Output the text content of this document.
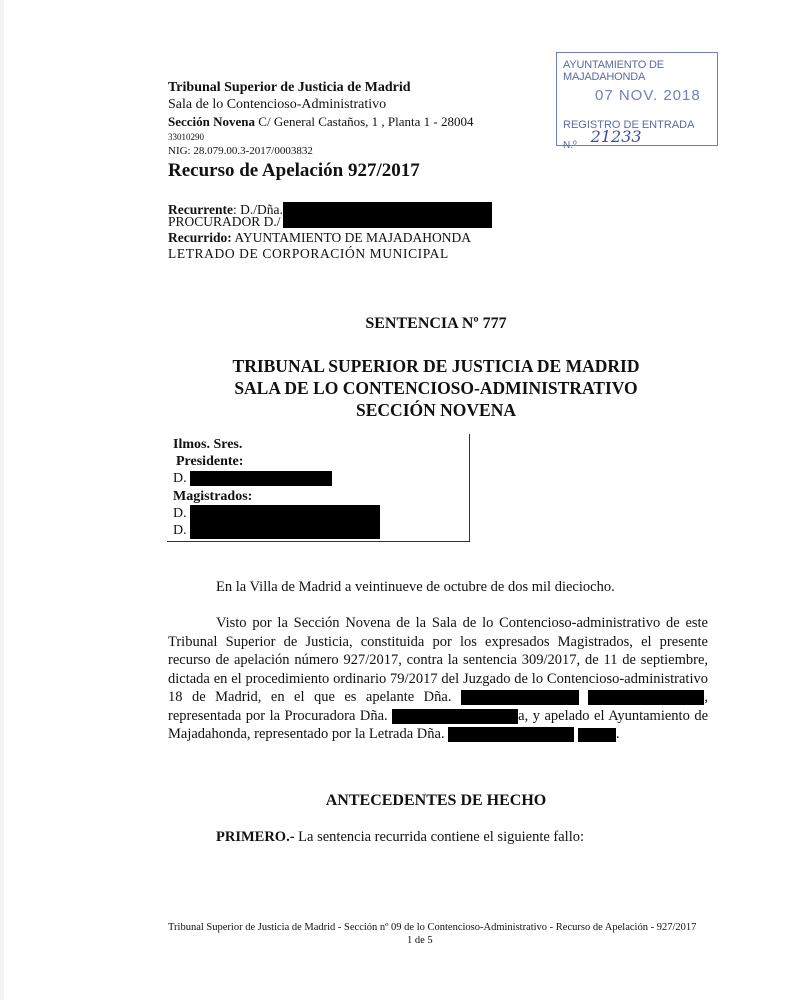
Tribunal Superior de Justicia de Madrid
Sala de lo Contencioso-Administrativo
Sección Novena C/ General Castaños, 1 , Planta 1 - 28004
33010290
NIG: 28.079.00.3-2017/0003832
Recurso de Apelación 927/2017
Recurrente: D./Dña.
PROCURADOR D./
Recurrido: AYUNTAMIENTO DE MAJADAHONDA
LETRADO DE CORPORACIÓN MUNICIPAL
AYUNTAMIENTO DE MAJADAHONDA
07 NOV. 2018
REGISTRO DE ENTRADA
N.º 21233
SENTENCIA Nº 777
TRIBUNAL SUPERIOR DE JUSTICIA DE MADRID
SALA DE LO CONTENCIOSO-ADMINISTRATIVO
SECCIÓN NOVENA
Ilmos. Sres.
Presidente:
D.
Magistrados:
D.
D.
En la Villa de Madrid a veintinueve de octubre de dos mil dieciocho.
Visto por la Sección Novena de la Sala de lo Contencioso-administrativo de este Tribunal Superior de Justicia, constituida por los expresados Magistrados, el presente recurso de apelación número 927/2017, contra la sentencia 309/2017, de 11 de septiembre, dictada en el procedimiento ordinario 79/2017 del Juzgado de lo Contencioso-administrativo 18 de Madrid, en el que es apelante Dña.	, representada por la Procuradora Dña.	a, y apelado el Ayuntamiento de Majadahonda, representado por la Letrada Dña.	.
ANTECEDENTES DE HECHO
PRIMERO.- La sentencia recurrida contiene el siguiente fallo:
Tribunal Superior de Justicia de Madrid - Sección nº 09 de lo Contencioso-Administrativo - Recurso de Apelación - 927/2017
1 de 5
